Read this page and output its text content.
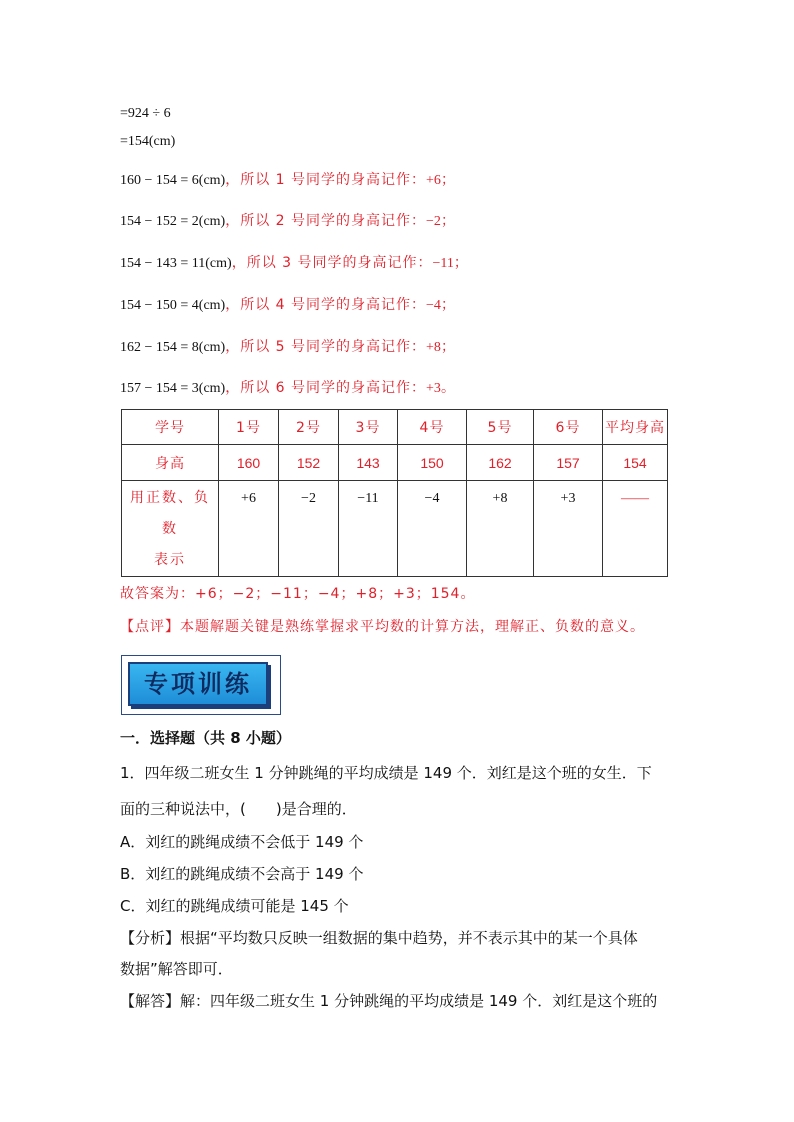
=924 ÷ 6
=154(cm)
160 − 154 = 6(cm)，所以 1 号同学的身高记作：+6；
154 − 152 = 2(cm)，所以 2 号同学的身高记作：−2；
154 − 143 = 11(cm)，所以 3 号同学的身高记作：−11；
154 − 150 = 4(cm)，所以 4 号同学的身高记作：−4；
162 − 154 = 8(cm)，所以 5 号同学的身高记作：+8；
157 − 154 = 3(cm)，所以 6 号同学的身高记作：+3。
学号	1号	2号	3号	4号	5号	6号	平均身高
身高	160	152	143	150	162	157	154

用正数、负
数
表示	+6	−2	−11	−4	+8	+3	——
故答案为：+6；−2；−11；−4；+8；+3；154。
【点评】本题解题关键是熟练掌握求平均数的计算方法，理解正、负数的意义。
专项训练
一．选择题（共 8 小题）
1．四年级二班女生 1 分钟跳绳的平均成绩是 149 个．刘红是这个班的女生．下
面的三种说法中，(　　)是合理的．
A．刘红的跳绳成绩不会低于 149 个
B．刘红的跳绳成绩不会高于 149 个
C．刘红的跳绳成绩可能是 145 个
【分析】根据“平均数只反映一组数据的集中趋势，并不表示其中的某一个具体
数据”解答即可．
【解答】解：四年级二班女生 1 分钟跳绳的平均成绩是 149 个．刘红是这个班的
